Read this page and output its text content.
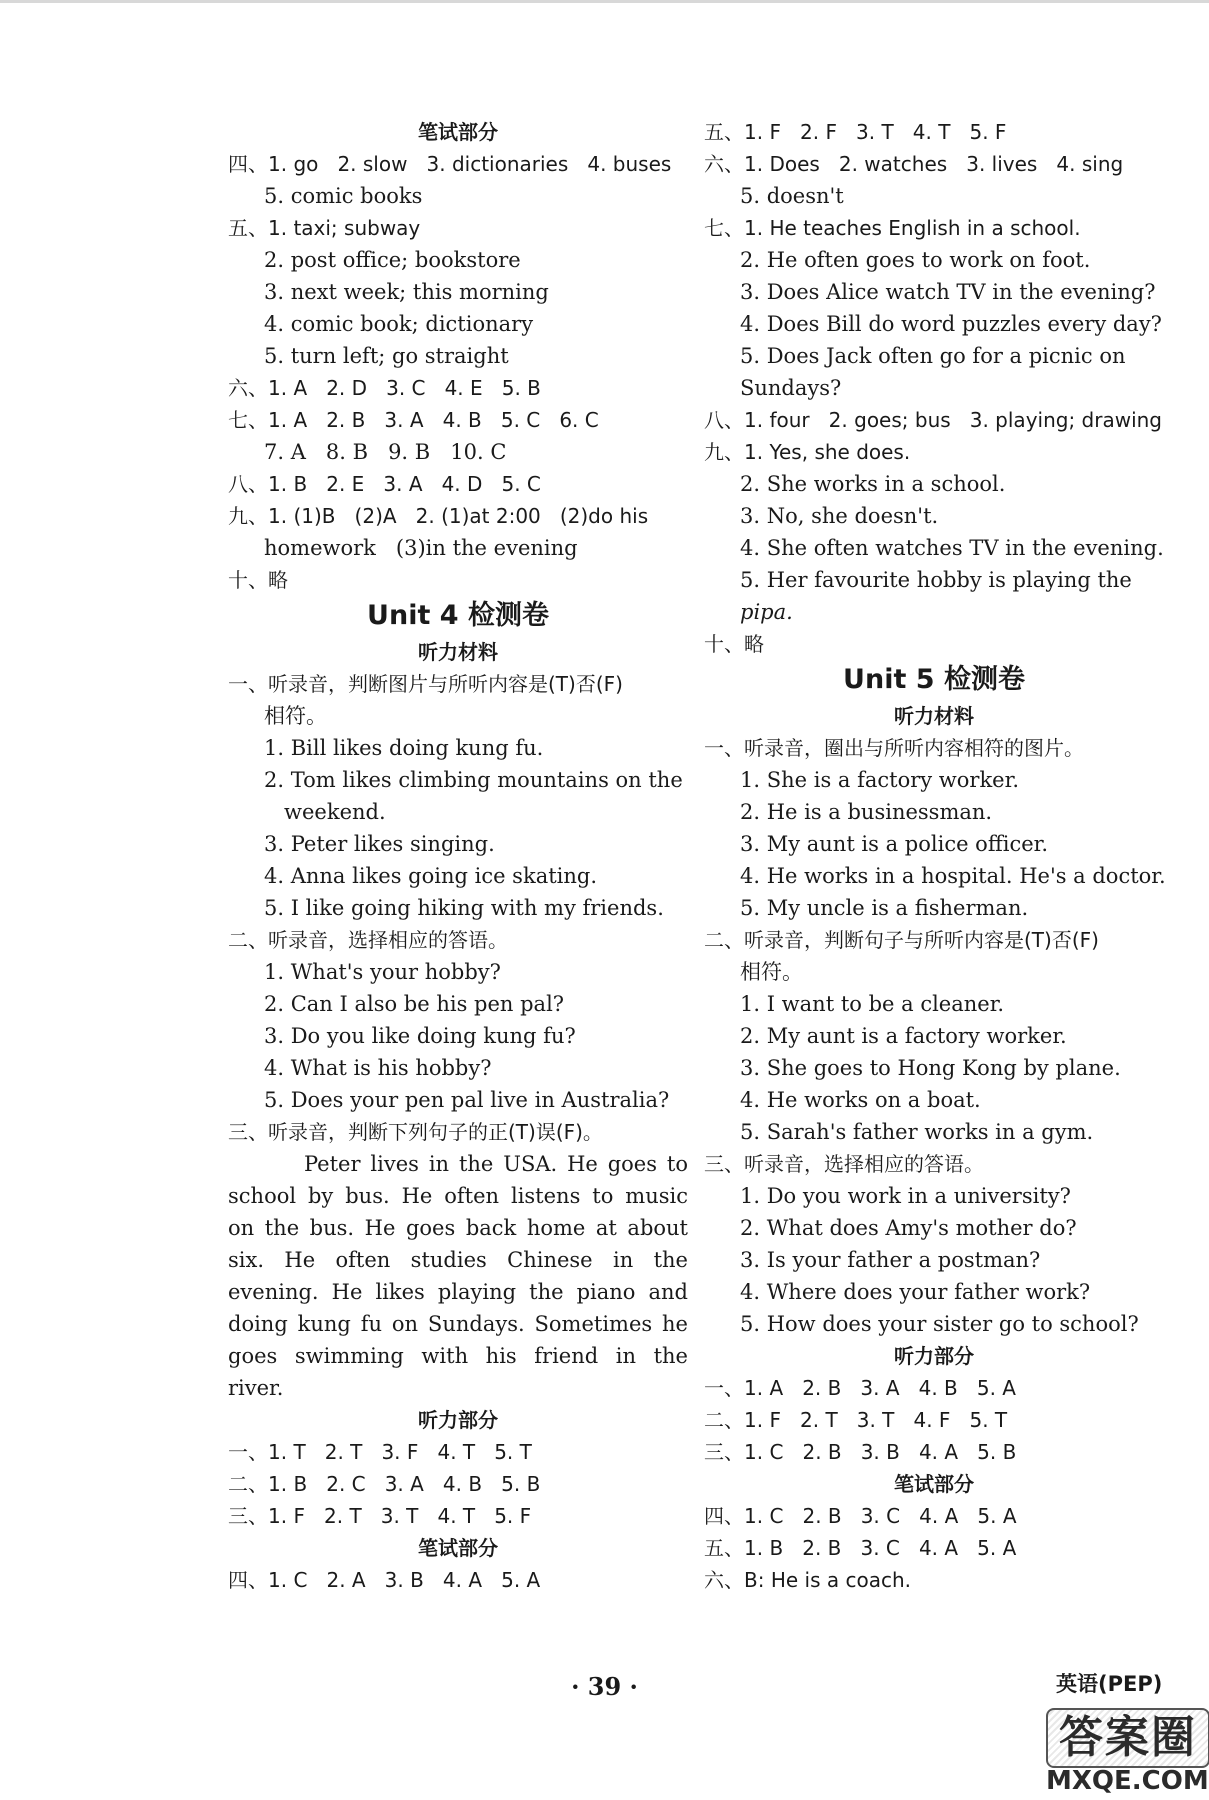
笔试部分
四、1. go   2. slow   3. dictionaries   4. buses
5. comic books
五、1. taxi; subway
2. post office; bookstore
3. next week; this morning
4. comic book; dictionary
5. turn left; go straight
六、1. A   2. D   3. C   4. E   5. B
七、1. A   2. B   3. A   4. B   5. C   6. C
7. A   8. B   9. B   10. C
八、1. B   2. E   3. A   4. D   5. C
九、1. (1)B   (2)A   2. (1)at 2:00   (2)do his
homework   (3)in the evening
十、略
Unit 4 检测卷
听力材料
一、听录音，判断图片与所听内容是(T)否(F)
相符。
1. Bill likes doing kung fu.
2. Tom likes climbing mountains on the
weekend.
3. Peter likes singing.
4. Anna likes going ice skating.
5. I like going hiking with my friends.
二、听录音，选择相应的答语。
1. What's your hobby?
2. Can I also be his pen pal?
3. Do you like doing kung fu?
4. What is his hobby?
5. Does your pen pal live in Australia?
三、听录音，判断下列句子的正(T)误(F)。
Peter lives in the USA. He goes to
school by bus. He often listens to music
on the bus. He goes back home at about
six. He often studies Chinese in the
evening. He likes playing the piano and
doing kung fu on Sundays. Sometimes he
goes swimming with his friend in the
river.
听力部分
一、1. T   2. T   3. F   4. T   5. T
二、1. B   2. C   3. A   4. B   5. B
三、1. F   2. T   3. T   4. T   5. F
笔试部分
四、1. C   2. A   3. B   4. A   5. A
五、1. F   2. F   3. T   4. T   5. F
六、1. Does   2. watches   3. lives   4. sing
5. doesn't
七、1. He teaches English in a school.
2. He often goes to work on foot.
3. Does Alice watch TV in the evening?
4. Does Bill do word puzzles every day?
5. Does Jack often go for a picnic on
Sundays?
八、1. four   2. goes; bus   3. playing; drawing
九、1. Yes, she does.
2. She works in a school.
3. No, she doesn't.
4. She often watches TV in the evening.
5. Her favourite hobby is playing the
pipa.
十、略
Unit 5 检测卷
听力材料
一、听录音，圈出与所听内容相符的图片。
1. She is a factory worker.
2. He is a businessman.
3. My aunt is a police officer.
4. He works in a hospital. He's a doctor.
5. My uncle is a fisherman.
二、听录音，判断句子与所听内容是(T)否(F)
相符。
1. I want to be a cleaner.
2. My aunt is a factory worker.
3. She goes to Hong Kong by plane.
4. He works on a boat.
5. Sarah's father works in a gym.
三、听录音，选择相应的答语。
1. Do you work in a university?
2. What does Amy's mother do?
3. Is your father a postman?
4. Where does your father work?
5. How does your sister go to school?
听力部分
一、1. A   2. B   3. A   4. B   5. A
二、1. F   2. T   3. T   4. F   5. T
三、1. C   2. B   3. B   4. A   5. B
笔试部分
四、1. C   2. B   3. C   4. A   5. A
五、1. B   2. B   3. C   4. A   5. A
六、B: He is a coach.
· 39 ·	英语(PEP)
答案圈
MXQE.COM
